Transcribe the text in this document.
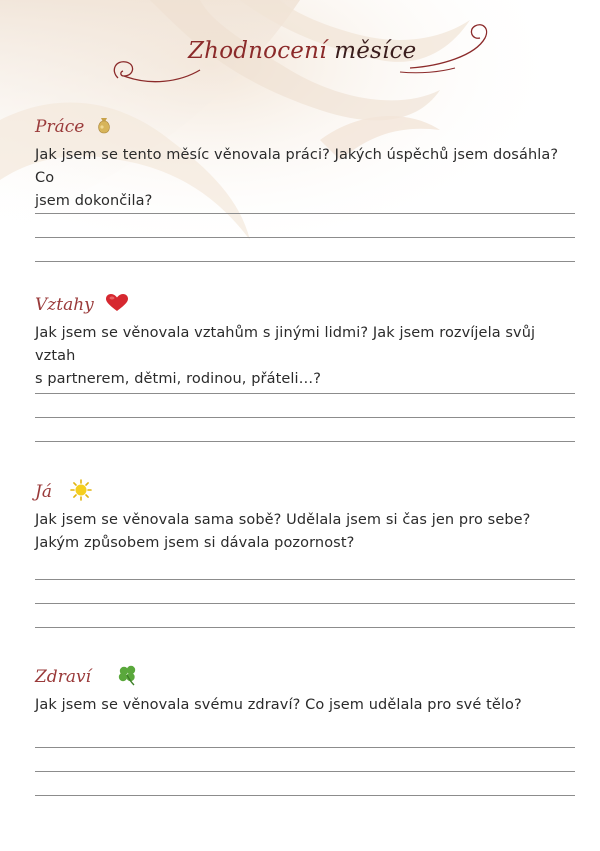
Zhodnocení měsíce
Práce
Jak jsem se tento měsíc věnovala práci? Jakých úspěchů jsem dosáhla? Co
jsem dokončila?
Vztahy
Jak jsem se věnovala vztahům s jinými lidmi? Jak jsem rozvíjela svůj vztah
s partnerem, dětmi, rodinou, přáteli…?
Já
Jak jsem se věnovala sama sobě? Udělala jsem si čas jen pro sebe?
Jakým způsobem jsem si dávala pozornost?
Zdraví
Jak jsem se věnovala svému zdraví? Co jsem udělala pro své tělo?
